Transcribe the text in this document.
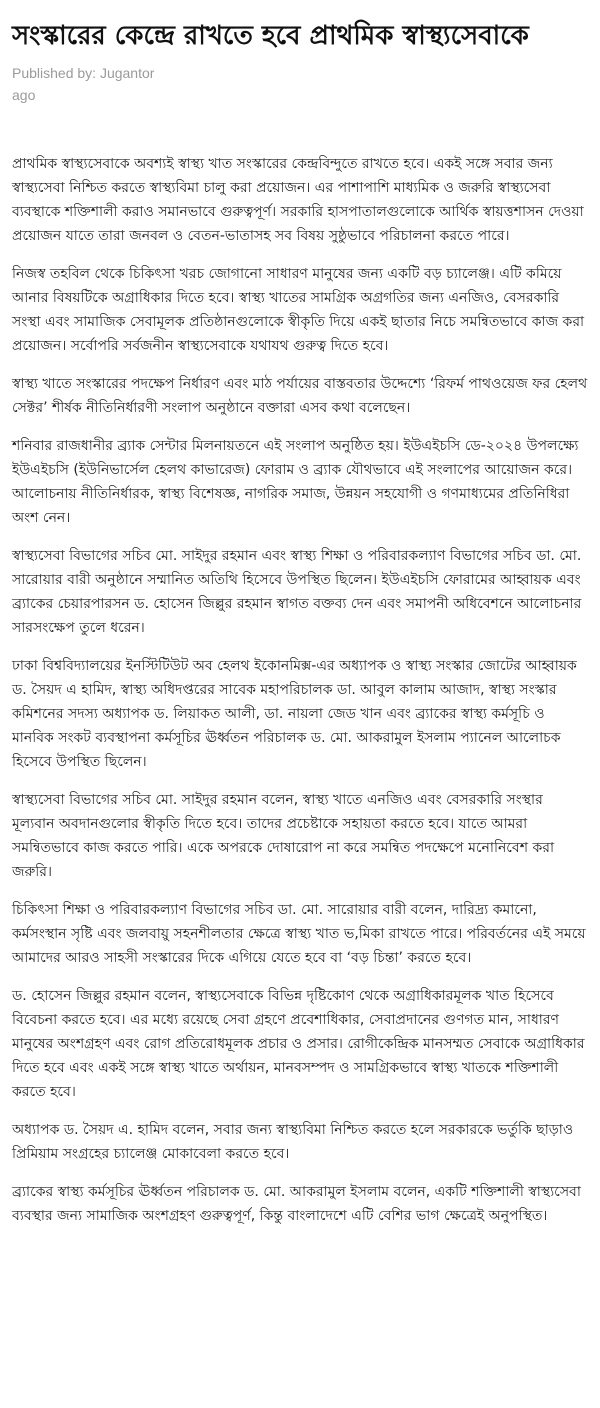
সংস্কারের কেন্দ্রে রাখতে হবে প্রাথমিক স্বাস্থ্যসেবাকে
Published by: Jugantor
ago

প্রাথমিক স্বাস্থ্যসেবাকে অবশ্যই স্বাস্থ্য খাত সংস্কারের কেন্দ্রবিন্দুতে রাখতে হবে। একই সঙ্গে সবার জন্য স্বাস্থ্যসেবা নিশ্চিত করতে স্বাস্থ্যবিমা চালু করা প্রয়োজন। এর পাশাপাশি মাধ্যমিক ও জরুরি স্বাস্থ্যসেবা ব্যবস্থাকে শক্তিশালী করাও সমানভাবে গুরুত্বপূর্ণ। সরকারি হাসপাতালগুলোকে আর্থিক স্বায়ত্তশাসন দেওয়া প্রয়োজন যাতে তারা জনবল ও বেতন-ভাতাসহ সব বিষয় সুষ্ঠুভাবে পরিচালনা করতে পারে।

নিজস্ব তহবিল থেকে চিকিৎসা খরচ জোগানো সাধারণ মানুষের জন্য একটি বড় চ্যালেঞ্জ। এটি কমিয়ে আনার বিষয়টিকে অগ্রাধিকার দিতে হবে। স্বাস্থ্য খাতের সামগ্রিক অগ্রগতির জন্য এনজিও, বেসরকারি সংস্থা এবং সামাজিক সেবামূলক প্রতিষ্ঠানগুলোকে স্বীকৃতি দিয়ে একই ছাতার নিচে সমন্বিতভাবে কাজ করা প্রয়োজন। সর্বোপরি সর্বজনীন স্বাস্থ্যসেবাকে যথাযথ গুরুত্ব দিতে হবে।

স্বাস্থ্য খাতে সংস্কারের পদক্ষেপ নির্ধারণ এবং মাঠ পর্যায়ের বাস্তবতার উদ্দেশ্যে ‘রিফর্ম পাথওয়েজ ফর হেলথ সেক্টর’ শীর্ষক নীতিনির্ধারণী সংলাপ অনুষ্ঠানে বক্তারা এসব কথা বলেছেন।

শনিবার রাজধানীর ব্র্যাক সেন্টার মিলনায়তনে এই সংলাপ অনুষ্ঠিত হয়। ইউএইচসি ডে-২০২৪ উপলক্ষ্যে ইউএইচসি (ইউনিভার্সেল হেলথ কাভারেজ) ফোরাম ও ব্র্যাক যৌথভাবে এই সংলাপের আয়োজন করে। আলোচনায় নীতিনির্ধারক, স্বাস্থ্য বিশেষজ্ঞ, নাগরিক সমাজ, উন্নয়ন সহযোগী ও গণমাধ্যমের প্রতিনিধিরা অংশ নেন।

স্বাস্থ্যসেবা বিভাগের সচিব মো. সাইদুর রহমান এবং স্বাস্থ্য শিক্ষা ও পরিবারকল্যাণ বিভাগের সচিব ডা. মো. সারোয়ার বারী অনুষ্ঠানে সম্মানিত অতিথি হিসেবে উপস্থিত ছিলেন। ইউএইচসি ফোরামের আহ্বায়ক এবং ব্র্যাকের চেয়ারপারসন ড. হোসেন জিল্লুর রহমান স্বাগত বক্তব্য দেন এবং সমাপনী অধিবেশনে আলোচনার সারসংক্ষেপ তুলে ধরেন।

ঢাকা বিশ্ববিদ্যালয়ের ইনস্টিটিউট অব হেলথ ইকোনমিক্স-এর অধ্যাপক ও স্বাস্থ্য সংস্কার জোটের আহ্বায়ক ড. সৈয়দ এ হামিদ, স্বাস্থ্য অধিদপ্তরের সাবেক মহাপরিচালক ডা. আবুল কালাম আজাদ, স্বাস্থ্য সংস্কার কমিশনের সদস্য অধ্যাপক ড. লিয়াকত আলী, ডা. নায়লা জেড খান এবং ব্র্যাকের স্বাস্থ্য কর্মসূচি ও মানবিক সংকট ব্যবস্থাপনা কর্মসূচির ঊর্ধ্বতন পরিচালক ড. মো. আকরামুল ইসলাম প্যানেল আলোচক হিসেবে উপস্থিত ছিলেন।

স্বাস্থ্যসেবা বিভাগের সচিব মো. সাইদুর রহমান বলেন, স্বাস্থ্য খাতে এনজিও এবং বেসরকারি সংস্থার মূল্যবান অবদানগুলোর স্বীকৃতি দিতে হবে। তাদের প্রচেষ্টাকে সহায়তা করতে হবে। যাতে আমরা সমন্বিতভাবে কাজ করতে পারি। একে অপরকে দোষারোপ না করে সমন্বিত পদক্ষেপে মনোনিবেশ করা জরুরি।

চিকিৎসা শিক্ষা ও পরিবারকল্যাণ বিভাগের সচিব ডা. মো. সারোয়ার বারী বলেন, দারিদ্র্য কমানো, কর্মসংস্থান সৃষ্টি এবং জলবায়ু সহনশীলতার ক্ষেত্রে স্বাস্থ্য খাত ভ‚মিকা রাখতে পারে। পরিবর্তনের এই সময়ে আমাদের আরও সাহসী সংস্কারের দিকে এগিয়ে যেতে হবে বা ‘বড় চিন্তা’ করতে হবে।

ড. হোসেন জিল্লুর রহমান বলেন, স্বাস্থ্যসেবাকে বিভিন্ন দৃষ্টিকোণ থেকে অগ্রাধিকারমূলক খাত হিসেবে বিবেচনা করতে হবে। এর মধ্যে রয়েছে সেবা গ্রহণে প্রবেশাধিকার, সেবাপ্রদানের গুণগত মান, সাধারণ মানুষের অংশগ্রহণ এবং রোগ প্রতিরোধমূলক প্রচার ও প্রসার। রোগীকেন্দ্রিক মানসম্মত সেবাকে অগ্রাধিকার দিতে হবে এবং একই সঙ্গে স্বাস্থ্য খাতে অর্থায়ন, মানবসম্পদ ও সামগ্রিকভাবে স্বাস্থ্য খাতকে শক্তিশালী করতে হবে।

অধ্যাপক ড. সৈয়দ এ. হামিদ বলেন, সবার জন্য স্বাস্থ্যবিমা নিশ্চিত করতে হলে সরকারকে ভর্তুকি ছাড়াও প্রিমিয়াম সংগ্রহের চ্যালেঞ্জ মোকাবেলা করতে হবে।

ব্র্যাকের স্বাস্থ্য কর্মসূচির ঊর্ধ্বতন পরিচালক ড. মো. আকরামুল ইসলাম বলেন, একটি শক্তিশালী স্বাস্থ্যসেবা ব্যবস্থার জন্য সামাজিক অংশগ্রহণ গুরুত্বপূর্ণ, কিন্তু বাংলাদেশে এটি বেশির ভাগ ক্ষেত্রেই অনুপস্থিত।
